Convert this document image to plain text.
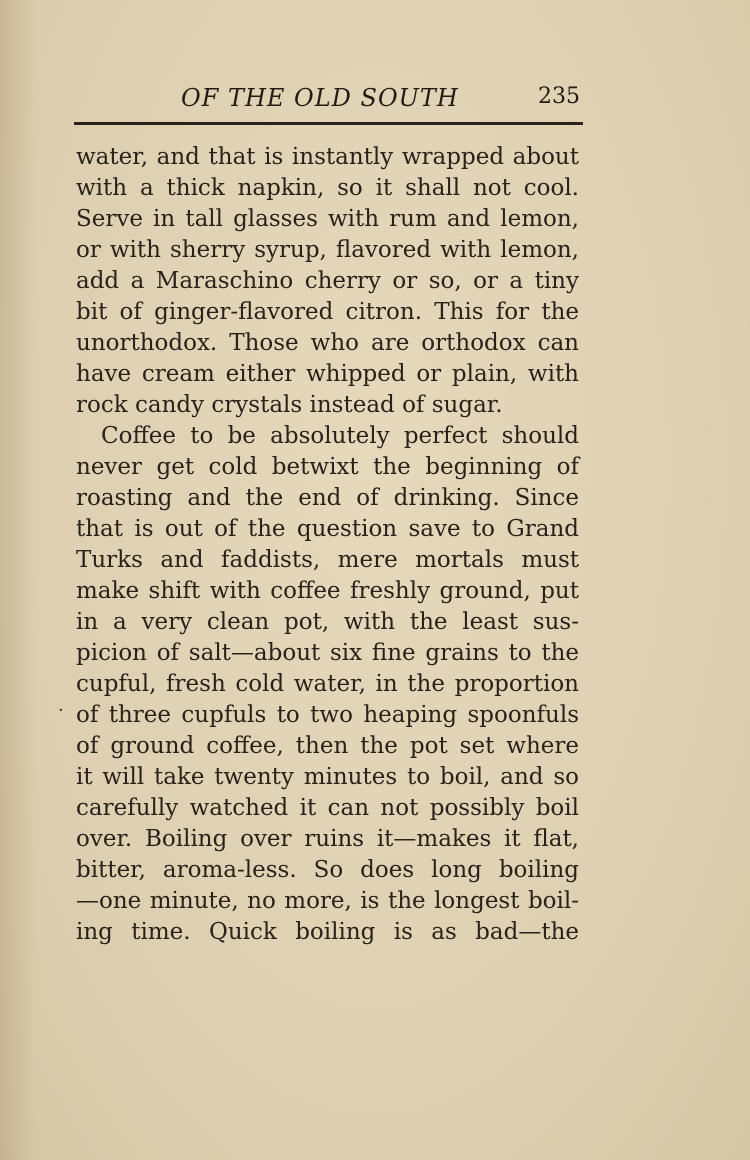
OF THE OLD SOUTH	235
water, and that is instantly wrapped about
with a thick napkin, so it shall not cool.
Serve in tall glasses with rum and lemon,
or with sherry syrup, flavored with lemon,
add a Maraschino cherry or so, or a tiny
bit of ginger-flavored citron. This for the
unorthodox. Those who are orthodox can
have cream either whipped or plain, with
rock candy crystals instead of sugar.
Coffee to be absolutely perfect should
never get cold betwixt the beginning of
roasting and the end of drinking. Since
that is out of the question save to Grand
Turks and faddists, mere mortals must
make shift with coffee freshly ground, put
in a very clean pot, with the least sus-
picion of salt—about six fine grains to the
cupful, fresh cold water, in the proportion
of three cupfuls to two heaping spoonfuls
of ground coffee, then the pot set where
it will take twenty minutes to boil, and so
carefully watched it can not possibly boil
over. Boiling over ruins it—makes it flat,
bitter, aroma-less. So does long boiling
—one minute, no more, is the longest boil-
ing time. Quick boiling is as bad—the
·
